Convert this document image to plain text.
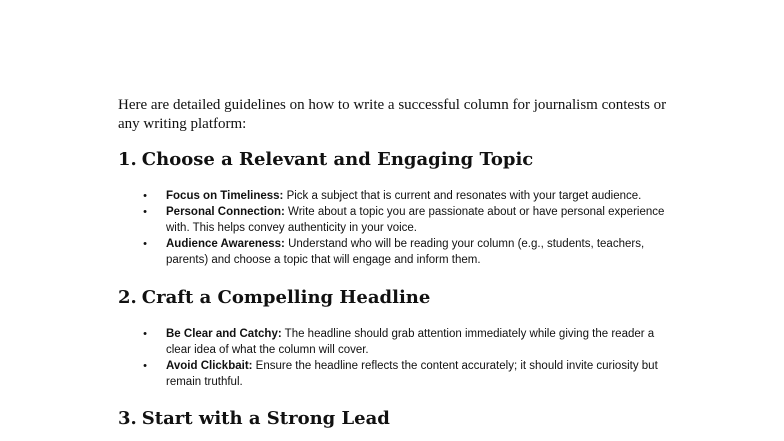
Here are detailed guidelines on how to write a successful column for journalism contests or any writing platform:

1. Choose a Relevant and Engaging Topic
• Focus on Timeliness: Pick a subject that is current and resonates with your target audience.
• Personal Connection: Write about a topic you are passionate about or have personal experience with. This helps convey authenticity in your voice.
• Audience Awareness: Understand who will be reading your column (e.g., students, teachers, parents) and choose a topic that will engage and inform them.
2. Craft a Compelling Headline
• Be Clear and Catchy: The headline should grab attention immediately while giving the reader a clear idea of what the column will cover.
• Avoid Clickbait: Ensure the headline reflects the content accurately; it should invite curiosity but remain truthful.
3. Start with a Strong Lead
